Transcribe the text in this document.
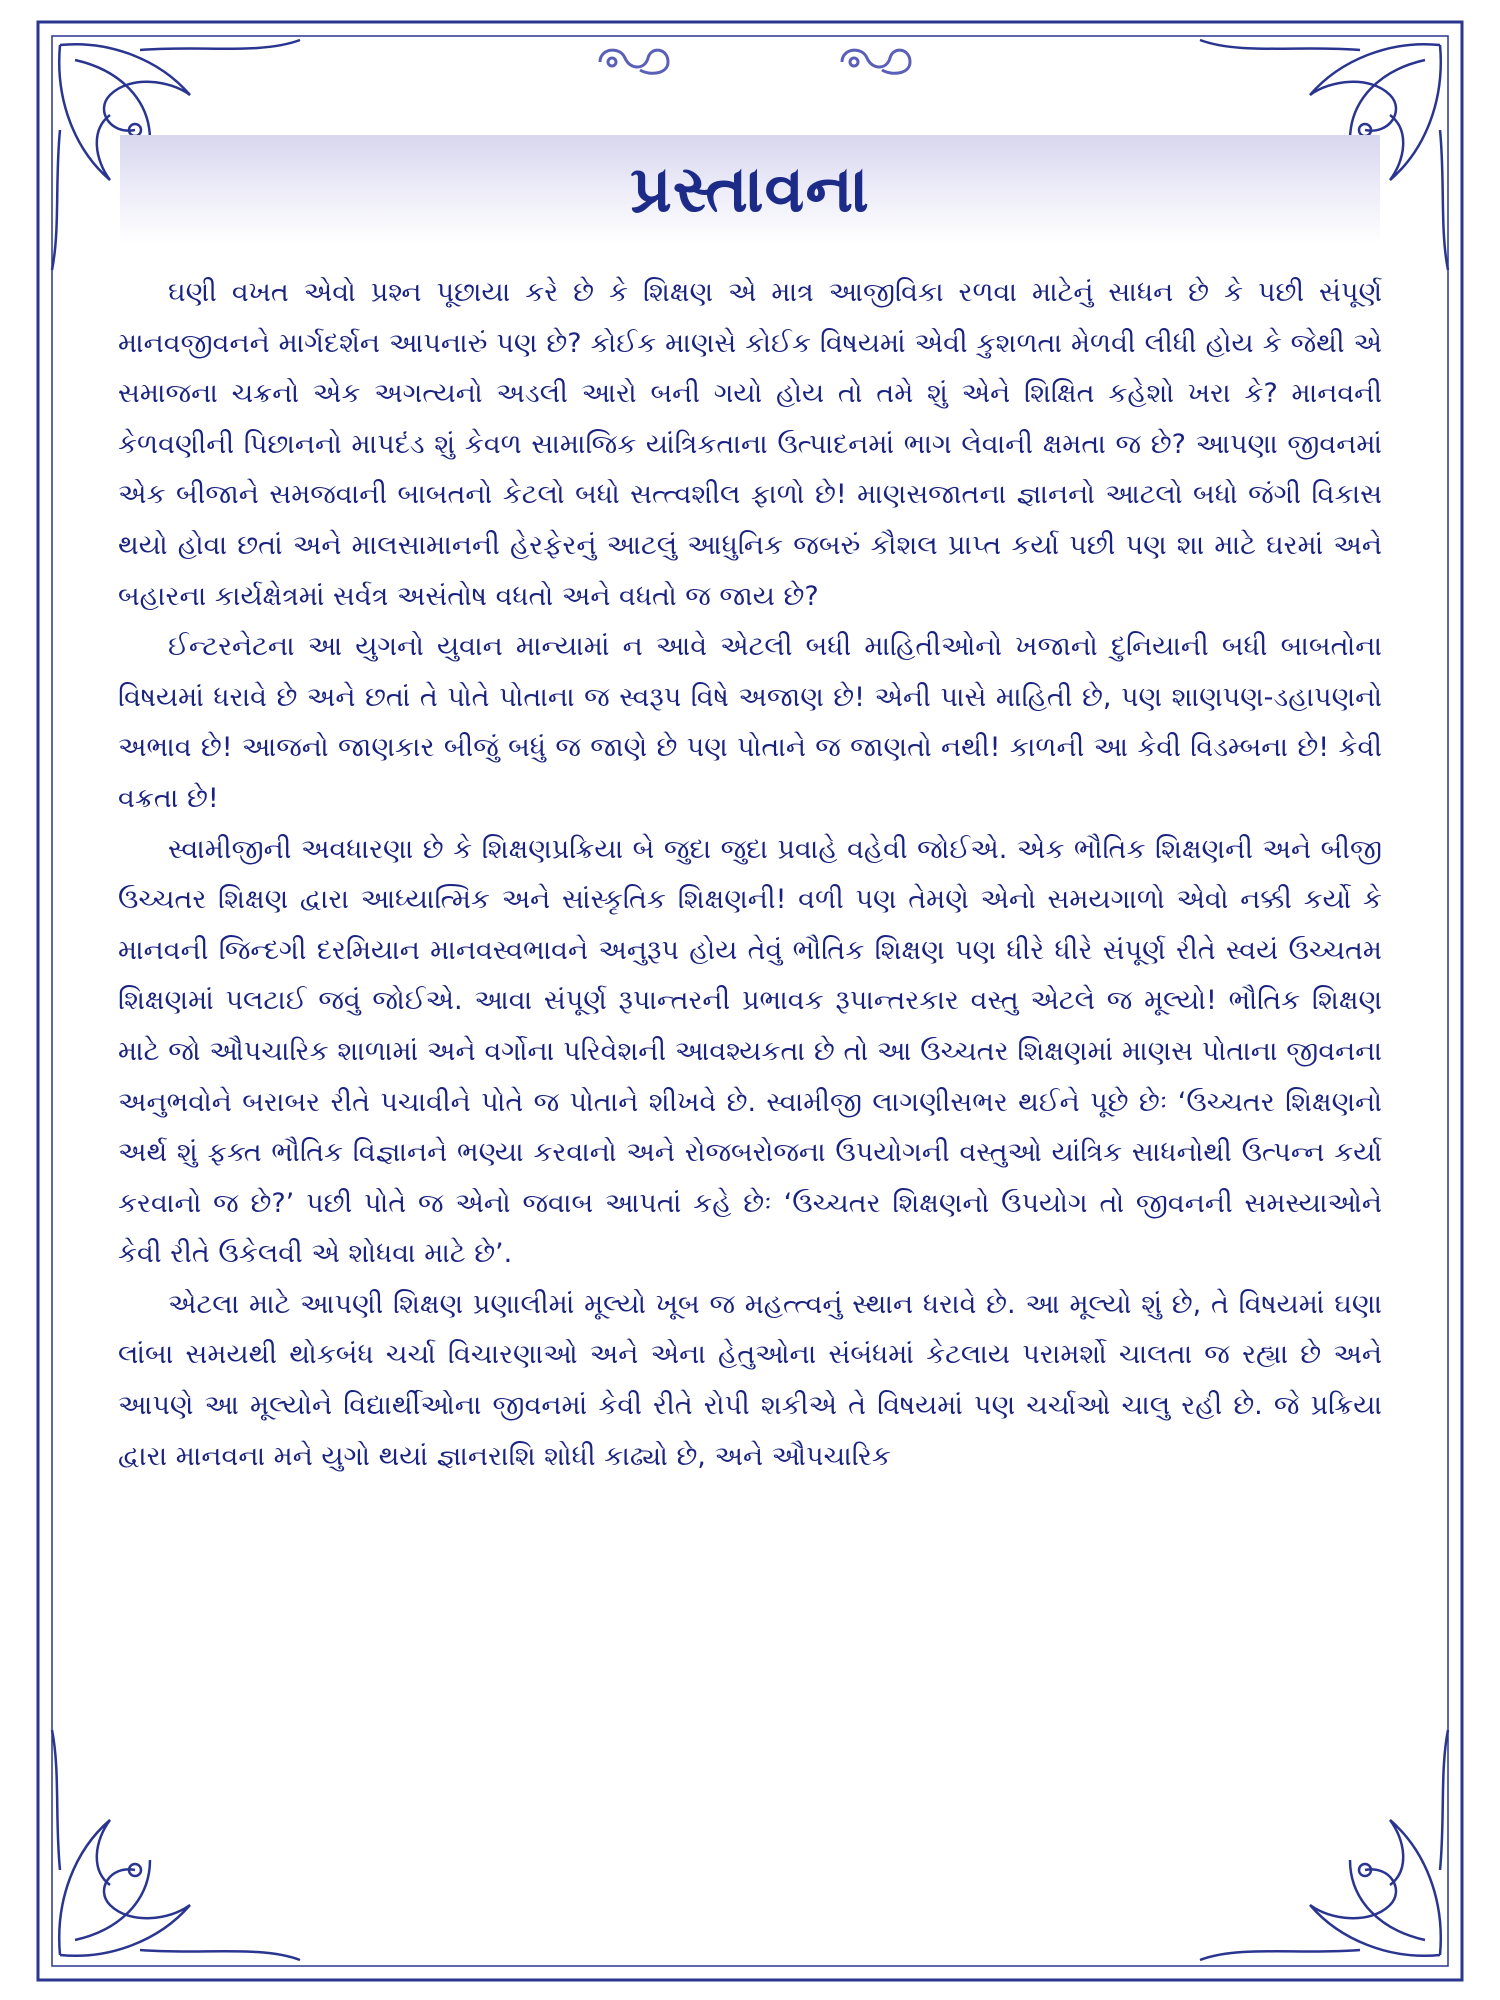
પ્રસ્તાવના

ઘણી વખત એવો પ્રશ્ન પૂછાયા કરે છે કે શિક્ષણ એ માત્ર આજીવિકા રળવા માટેનું સાધન છે કે પછી સંપૂર્ણ માનવજીવનને માર્ગદર્શન આપનારું પણ છે? કોઈક માણસે કોઈક વિષયમાં એવી કુશળતા મેળવી લીધી હોય કે જેથી એ સમાજના ચક્રનો એક અગત્યનો અડલી આરો બની ગયો હોય તો તમે શું એને શિક્ષિત કહેશો ખરા કે? માનવની કેળવણીની પિછાનનો માપદંડ શું કેવળ સામાજિક યાંત્રિકતાના ઉત્પાદનમાં ભાગ લેવાની ક્ષમતા જ છે? આપણા જીવનમાં એક બીજાને સમજવાની બાબતનો કેટલો બધો સત્ત્વશીલ ફાળો છે! માણસજાતના જ્ઞાનનો આટલો બધો જંગી વિકાસ થયો હોવા છતાં અને માલસામાનની હેરફેરનું આટલું આધુનિક જબરું કૌશલ પ્રાપ્ત કર્યા પછી પણ શા માટે ઘરમાં અને બહારના કાર્યક્ષેત્રમાં સર્વત્ર અસંતોષ વધતો અને વધતો જ જાય છે?

ઈન્ટરનેટના આ યુગનો યુવાન માન્યામાં ન આવે એટલી બધી માહિતીઓનો ખજાનો દુનિયાની બધી બાબતોના વિષયમાં ધરાવે છે અને છતાં તે પોતે પોતાના જ સ્વરૂપ વિષે અજાણ છે! એની પાસે માહિતી છે, પણ શાણપણ-ડહાપણનો અભાવ છે! આજનો જાણકાર બીજું બધું જ જાણે છે પણ પોતાને જ જાણતો નથી! કાળની આ કેવી વિડમ્બના છે! કેવી વક્રતા છે!

સ્વામીજીની અવધારણા છે કે શિક્ષણપ્રક્રિયા બે જુદા જુદા પ્રવાહે વહેવી જોઈએ. એક ભૌતિક શિક્ષણની અને બીજી ઉચ્ચતર શિક્ષણ દ્વારા આધ્યાત્મિક અને સાંસ્કૃતિક શિક્ષણની! વળી પણ તેમણે એનો સમયગાળો એવો નક્કી કર્યો કે માનવની જિન્દગી દરમિયાન માનવસ્વભાવને અનુરૂપ હોય તેવું ભૌતિક શિક્ષણ પણ ધીરે ધીરે સંપૂર્ણ રીતે સ્વયં ઉચ્ચતમ શિક્ષણમાં પલટાઈ જવું જોઈએ. આવા સંપૂર્ણ રૂપાન્તરની પ્રભાવક રૂપાન્તરકાર વસ્તુ એટલે જ મૂલ્યો! ભૌતિક શિક્ષણ માટે જો ઔપચારિક શાળામાં અને વર્ગોના પરિવેશની આવશ્યકતા છે તો આ ઉચ્ચતર શિક્ષણમાં માણસ પોતાના જીવનના અનુભવોને બરાબર રીતે પચાવીને પોતે જ પોતાને શીખવે છે. સ્વામીજી લાગણીસભર થઈને પૂછે છેઃ ‘ઉચ્ચતર શિક્ષણનો અર્થ શું ફક્ત ભૌતિક વિજ્ઞાનને ભણ્યા કરવાનો અને રોજબરોજના ઉપયોગની વસ્તુઓ યાંત્રિક સાધનોથી ઉત્પન્ન કર્યા કરવાનો જ છે?’ પછી પોતે જ એનો જવાબ આપતાં કહે છેઃ ‘ઉચ્ચતર શિક્ષણનો ઉપયોગ તો જીવનની સમસ્યાઓને કેવી રીતે ઉકેલવી એ શોધવા માટે છે’.

એટલા માટે આપણી શિક્ષણ પ્રણાલીમાં મૂલ્યો ખૂબ જ મહત્ત્વનું સ્થાન ધરાવે છે. આ મૂલ્યો શું છે, તે વિષયમાં ઘણા લાંબા સમયથી થોકબંધ ચર્ચા વિચારણાઓ અને એના હેતુઓના સંબંધમાં કેટલાય પરામર્શો ચાલતા જ રહ્યા છે અને આપણે આ મૂલ્યોને વિદ્યાર્થીઓના જીવનમાં કેવી રીતે રોપી શકીએ તે વિષયમાં પણ ચર્ચાઓ ચાલુ રહી છે. જે પ્રક્રિયા દ્વારા માનવના મને યુગો થયાં જ્ઞાનરાશિ શોધી કાઢ્યો છે, અને ઔપચારિક
